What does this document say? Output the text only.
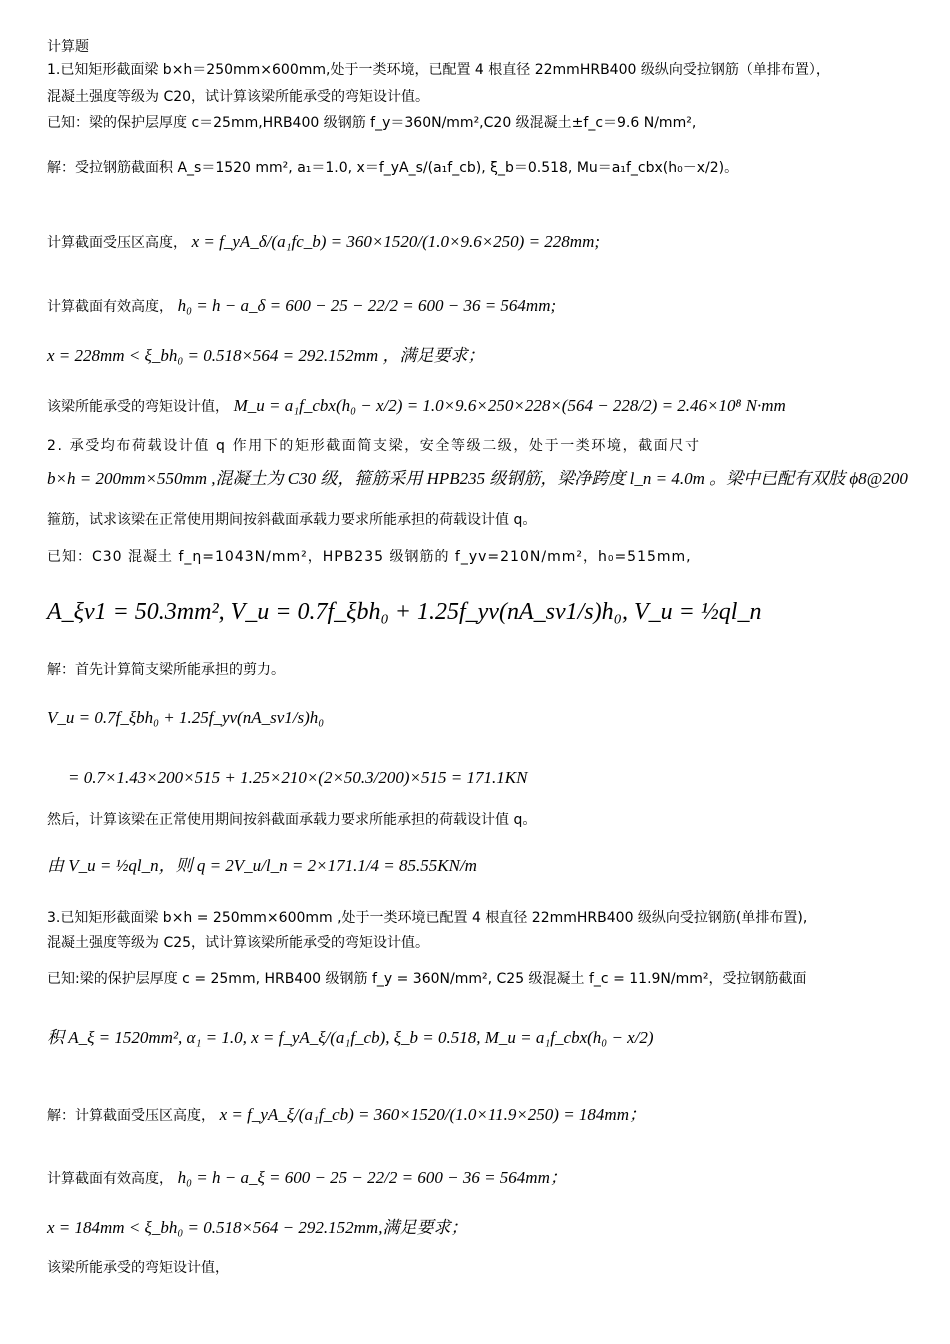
计算题
1.已知矩形截面梁 b×h＝250mm×600mm,处于一类环境，已配置 4 根直径 22mmHRB400 级纵向受拉钢筋（单排布置），
混凝土强度等级为 C20，试计算该梁所能承受的弯矩设计值。
已知：梁的保护层厚度 c＝25mm,HRB400 级钢筋 f_y＝360N/mm²,C20 级混凝土±f_c＝9.6 N/mm²,
解：受拉钢筋截面积 A_s＝1520 mm², a₁＝1.0, x＝f_yA_s/(a₁f_cb), ξ_b＝0.518, Mu＝a₁f_cbx(h₀－x/2)。
计算截面受压区高度， x = f_yA_δ/(a₁fc_b) = 360×1520/(1.0×9.6×250) = 228mm;
计算截面有效高度， h₀ = h − a_δ = 600 − 25 − 22/2 = 600 − 36 = 564mm;
x = 228mm < ξ_bh₀ = 0.518×564 = 292.152mm ，满足要求；
该梁所能承受的弯矩设计值， M_u = a₁f_cbx(h₀ − x/2) = 1.0×9.6×250×228×(564 − 228/2) = 2.46×10⁸ N·mm
2. 承受均布荷载设计值 q 作用下的矩形截面简支梁，安全等级二级，处于一类环境，截面尺寸
b×h = 200mm×550mm ,混凝土为 C30 级，箍筋采用 HPB235 级钢筋，梁净跨度 l_n = 4.0m 。梁中已配有双肢 ϕ8@200
箍筋，试求该梁在正常使用期间按斜截面承载力要求所能承担的荷载设计值 q。
已知：C30 混凝土 f_η=1043N/mm²，HPB235 级钢筋的 f_yv=210N/mm²，h₀=515mm,
A_ξv1 = 50.3mm², V_u = 0.7f_ξbh₀ + 1.25f_yv(nA_sv1/s)h₀, V_u = ½ql_n
解：首先计算简支梁所能承担的剪力。
V_u = 0.7f_ξbh₀ + 1.25f_yv(nA_sv1/s)h₀
= 0.7×1.43×200×515 + 1.25×210×(2×50.3/200)×515 = 171.1KN
然后，计算该梁在正常使用期间按斜截面承载力要求所能承担的荷载设计值 q。
由 V_u = ½ql_n，则 q = 2V_u/l_n = 2×171.1/4 = 85.55KN/m
3.已知矩形截面梁 b×h = 250mm×600mm ,处于一类环境已配置 4 根直径 22mmHRB400 级纵向受拉钢筋(单排布置),
混凝土强度等级为 C25，试计算该梁所能承受的弯矩设计值。
已知:梁的保护层厚度 c = 25mm, HRB400 级钢筋 f_y = 360N/mm², C25 级混凝土 f_c = 11.9N/mm²，受拉钢筋截面
积 A_ξ = 1520mm², α₁ = 1.0, x = f_yA_ξ/(a₁f_cb), ξ_b = 0.518, M_u = a₁f_cbx(h₀ − x/2)
解：计算截面受压区高度， x = f_yA_ξ/(a₁f_cb) = 360×1520/(1.0×11.9×250) = 184mm；
计算截面有效高度， h₀ = h − a_ξ = 600 − 25 − 22/2 = 600 − 36 = 564mm；
x = 184mm < ξ_bh₀ = 0.518×564 − 292.152mm,满足要求；
该梁所能承受的弯矩设计值，
